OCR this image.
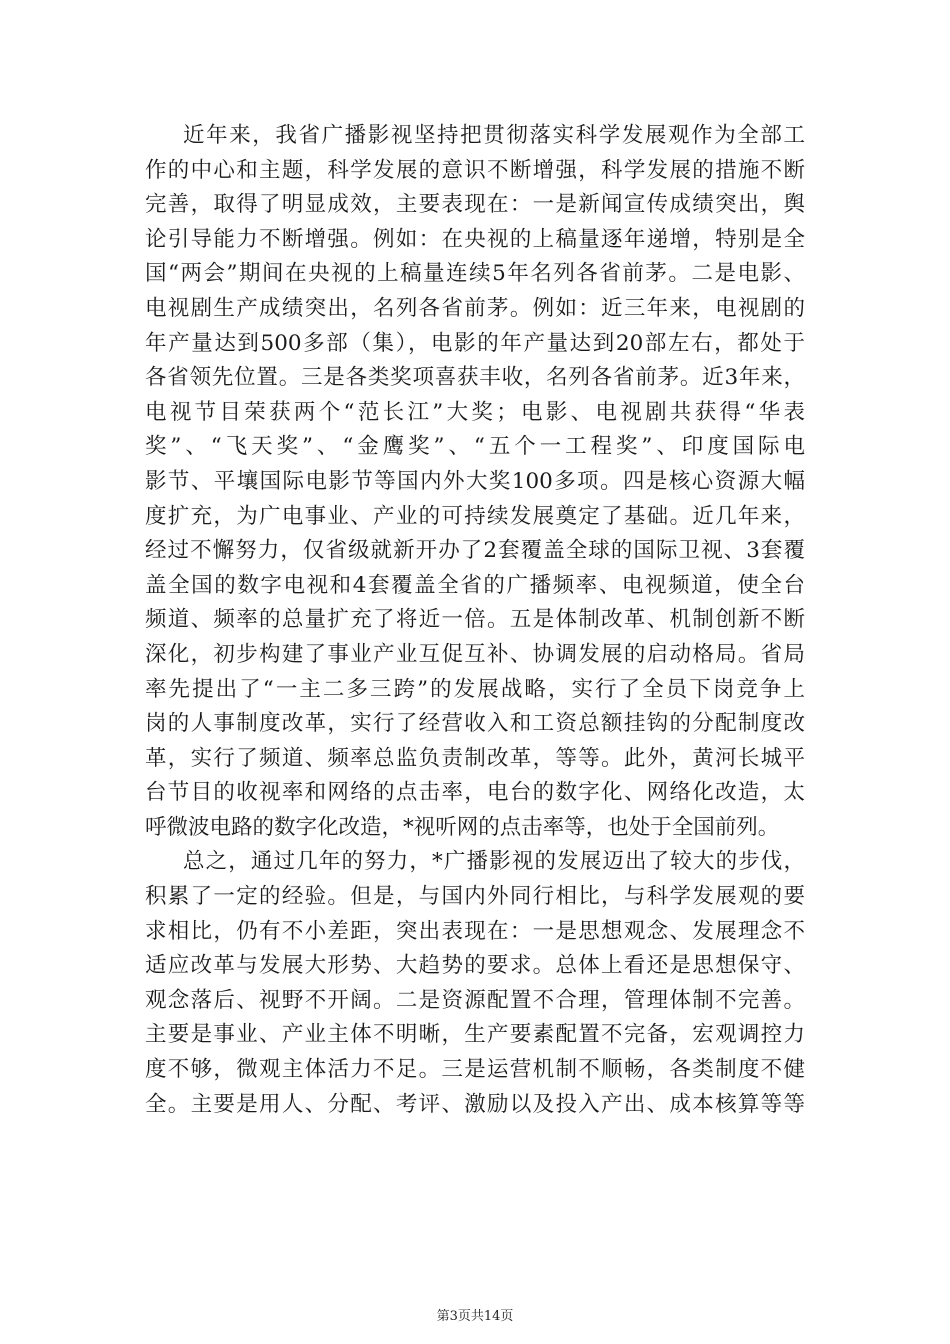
近年来，我省广播影视坚持把贯彻落实科学发展观作为全部工
作的中心和主题，科学发展的意识不断增强，科学发展的措施不断
完善，取得了明显成效，主要表现在：一是新闻宣传成绩突出，舆
论引导能力不断增强。例如：在央视的上稿量逐年递增，特别是全
国“两会”期间在央视的上稿量连续5年名列各省前茅。二是电影、
电视剧生产成绩突出，名列各省前茅。例如：近三年来，电视剧的
年产量达到500多部（集），电影的年产量达到20部左右，都处于
各省领先位置。三是各类奖项喜获丰收，名列各省前茅。近3年来，
电视节目荣获两个“范长江”大奖；电影、电视剧共获得“华表
奖”、“飞天奖”、“金鹰奖”、“五个一工程奖”、印度国际电
影节、平壤国际电影节等国内外大奖100多项。四是核心资源大幅
度扩充，为广电事业、产业的可持续发展奠定了基础。近几年来，
经过不懈努力，仅省级就新开办了2套覆盖全球的国际卫视、3套覆
盖全国的数字电视和4套覆盖全省的广播频率、电视频道，使全台
频道、频率的总量扩充了将近一倍。五是体制改革、机制创新不断
深化，初步构建了事业产业互促互补、协调发展的启动格局。省局
率先提出了“一主二多三跨”的发展战略，实行了全员下岗竞争上
岗的人事制度改革，实行了经营收入和工资总额挂钩的分配制度改
革，实行了频道、频率总监负责制改革，等等。此外，黄河长城平
台节目的收视率和网络的点击率，电台的数字化、网络化改造，太
呼微波电路的数字化改造，*视听网的点击率等，也处于全国前列。
总之，通过几年的努力，*广播影视的发展迈出了较大的步伐，
积累了一定的经验。但是，与国内外同行相比，与科学发展观的要
求相比，仍有不小差距，突出表现在：一是思想观念、发展理念不
适应改革与发展大形势、大趋势的要求。总体上看还是思想保守、
观念落后、视野不开阔。二是资源配置不合理，管理体制不完善。
主要是事业、产业主体不明晰，生产要素配置不完备，宏观调控力
度不够，微观主体活力不足。三是运营机制不顺畅，各类制度不健
全。主要是用人、分配、考评、激励以及投入产出、成本核算等等
第3页共14页
